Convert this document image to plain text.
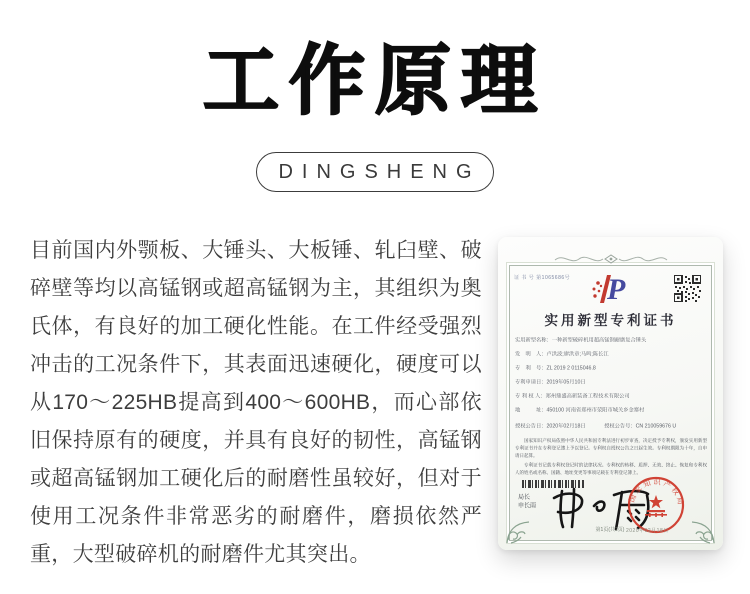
工作原理
DINGSHENG
目前国内外颚板、大锤头、大板锤、轧臼壁、破碎壁等均以高锰钢或超高锰钢为主，其组织为奥氏体，有良好的加工硬化性能。在工件经受强烈冲击的工况条件下，其表面迅速硬化，硬度可以从170～225HB提高到400～600HB，而心部依旧保持原有的硬度，并具有良好的韧性，高锰钢或超高锰钢加工硬化后的耐磨性虽较好，但对于使用工况条件非常恶劣的耐磨件，磨损依然严重，大型破碎机的耐磨件尤其突出。
证 书 号 第1065686号	P
实用新型专利证书
实用新型名称：一种新型破碎机用超高锰钢耐磨复合锤头
发　明　人：卢洪波;廖洪章;马鸣;陈长江
专　利　号：ZL 2019 2 0115046.8
专利申请日：2019年05月10日
专 利 权 人：郑州鼎盛高新装备工程技术有限公司
地　　　址：450100 河南省郑州市荥阳市城关乡金寨村
授权公告日：2020年02月18日 授权公告号：CN 210059676 U

国家知识产权局依照中华人民共和国专利法进行初步审查，决定授予专利权，颁发实用新型专利证书并在专利登记簿上予以登记。专利权自授权公告之日起生效。专利权期限为十年，自申请日起算。

专利证书记载专利权登记时的法律状况。专利权的转移、质押、无效、终止、恢复和专利权人的姓名或名称、国籍、地址变更等事项记载在专利登记簿上。

局长
申长雨
国家知识产权局
2020年02月18日
第1页(共2页)
